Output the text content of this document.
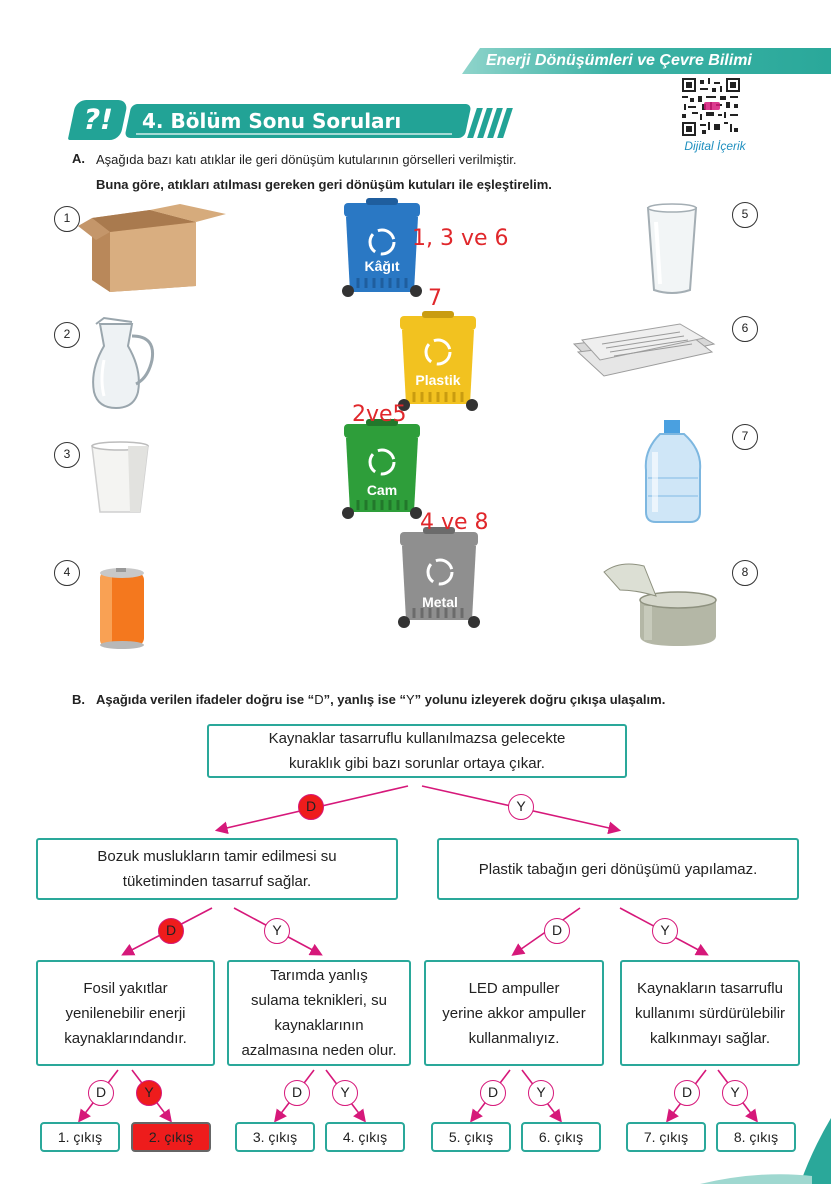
Enerji Dönüşümleri ve Çevre Bilimi
?!	4. Bölüm Sonu Soruları
Dijital İçerik
A. Aşağıda bazı katı atıklar ile geri dönüşüm kutularının görselleri verilmiştir.
Buna göre, atıkları atılması gereken geri dönüşüm kutuları ile eşleştirelim.
1
2
3
4
5
6
7
8
Kâğıt
Plastik
Cam
Metal
1, 3 ve 6
7
2ve5
4 ve 8
B. Aşağıda verilen ifadeler doğru ise “D”, yanlış ise “Y” yolunu izleyerek doğru çıkışa ulaşalım.
Kaynaklar tasarruflu kullanılmazsa gelecekte
kuraklık gibi bazı sorunlar ortaya çıkar.
D	Y
Bozuk muslukların tamir edilmesi su
tüketiminden tasarruf sağlar.
Plastik tabağın geri dönüşümü yapılamaz.
D	Y	D	Y
Fosil yakıtlar
yenilenebilir enerji
kaynaklarındandır.
Tarımda yanlış
sulama teknikleri, su
kaynaklarının
azalmasına neden olur.
LED ampuller
yerine akkor ampuller
kullanmalıyız.
Kaynakların tasarruflu
kullanımı sürdürülebilir
kalkınmayı sağlar.
D	Y	D	Y	D	Y	D	Y
1. çıkış	2. çıkış	3. çıkış	4. çıkış	5. çıkış	6. çıkış	7. çıkış	8. çıkış
